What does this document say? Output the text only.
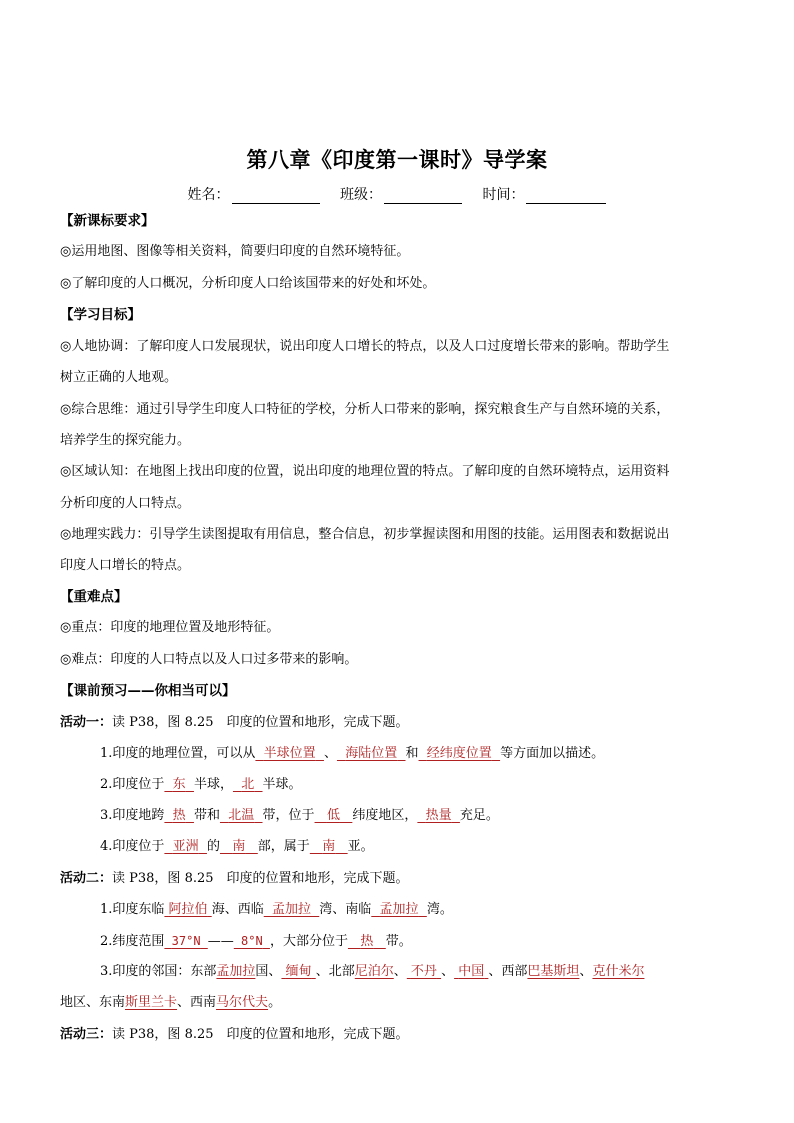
第八章《印度第一课时》导学案
姓名：	班级：	时间：
【新课标要求】
◎运用地图、图像等相关资料，简要归印度的自然环境特征。
◎了解印度的人口概况，分析印度人口给该国带来的好处和坏处。
【学习目标】
◎人地协调：了解印度人口发展现状，说出印度人口增长的特点，以及人口过度增长带来的影响。帮助学生
树立正确的人地观。
◎综合思维：通过引导学生印度人口特征的学校，分析人口带来的影响，探究粮食生产与自然环境的关系，
培养学生的探究能力。
◎区域认知：在地图上找出印度的位置，说出印度的地理位置的特点。了解印度的自然环境特点，运用资料
分析印度的人口特点。
◎地理实践力：引导学生读图提取有用信息，整合信息，初步掌握读图和用图的技能。运用图表和数据说出
印度人口增长的特点。
【重难点】
◎重点：印度的地理位置及地形特征。
◎难点：印度的人口特点以及人口过多带来的影响。
【课前预习——你相当可以】
活动一：读 P38，图 8.25　印度的位置和地形，完成下题。
1.印度的地理位置，可以从 半球位置 、 海陆位置 和 经纬度位置 等方面加以描述。
2.印度位于 东 半球， 北 半球。
3.印度地跨 热 带和 北温 带，位于 低 纬度地区， 热量 充足。
4.印度位于 亚洲 的 南 部，属于 南 亚。
活动二：读 P38，图 8.25　印度的位置和地形，完成下题。
1.印度东临 阿拉伯 海、西临 孟加拉 湾、南临 孟加拉 湾。
2.纬度范围 37°N —— 8°N ，大部分位于 热 带。
3.印度的邻国：东部孟加拉国、 缅甸 、北部尼泊尔、 不丹 、 中国 、西部巴基斯坦、克什米尔
地区、东南斯里兰卡、西南马尔代夫。
活动三：读 P38，图 8.25　印度的位置和地形，完成下题。
